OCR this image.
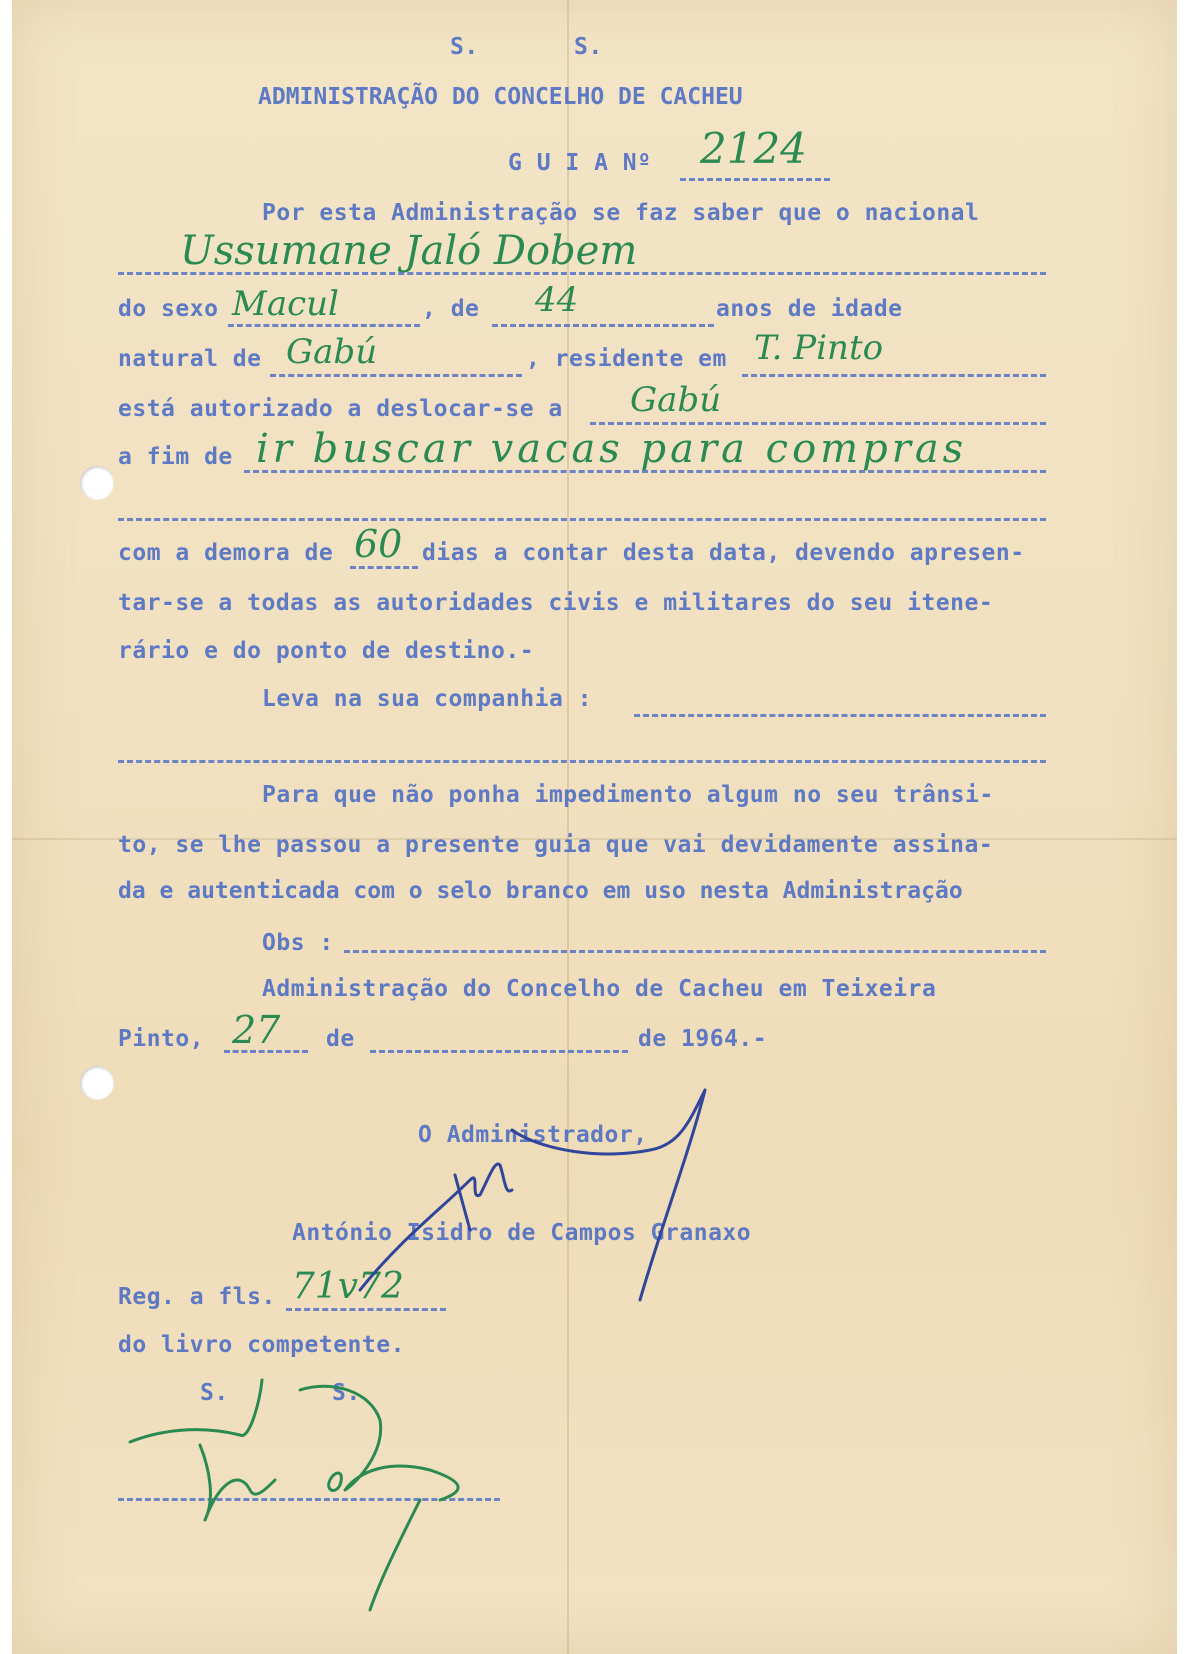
S.	S.
ADMINISTRAÇÃO DO CONCELHO DE CACHEU
G U I A Nº 2124
Por esta Administração se faz saber que o nacional
Ussumane Jaló Dobem
do sexo Macul	, de 44	anos de idade
natural de Gabú	, residente em T. Pinto
está autorizado a deslocar-se a Gabú
a fim de ir buscar vacas para compras
com a demora de 60 dias a contar desta data, devendo apresen-
tar-se a todas as autoridades civis e militares do seu itene-
rário e do ponto de destino.-
Leva na sua companhia :
Para que não ponha impedimento algum no seu trânsi-
to, se lhe passou a presente guia que vai devidamente assina-
da e autenticada com o selo branco em uso nesta Administração
Obs :
Administração do Concelho de Cacheu em Teixeira
Pinto, 27 de	de 1964.-
O Administrador,
António Isidro de Campos Granaxo
Reg. a fls. 71v72
do livro competente.
S.	S.
